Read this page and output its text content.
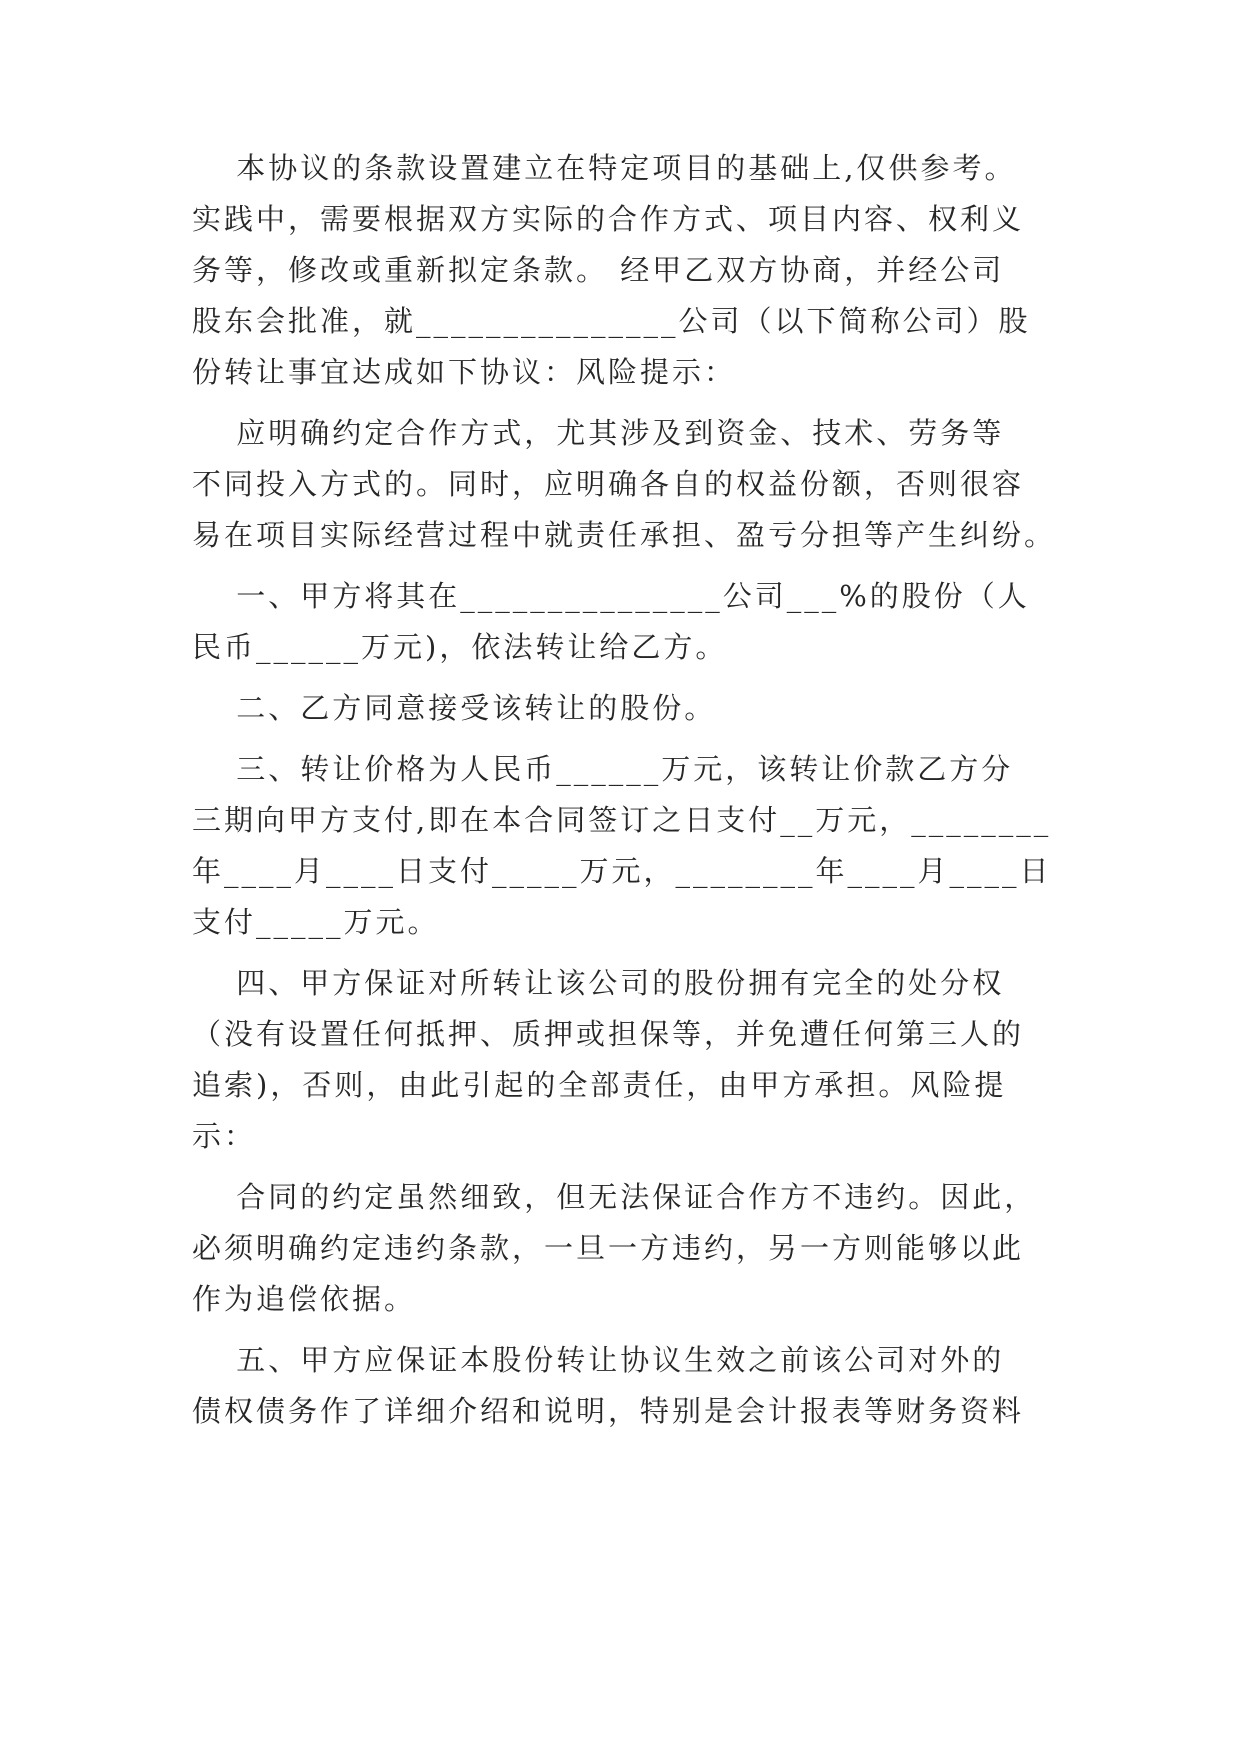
　 本协议的条款设置建立在特定项目的基础上,仅供参考。
实践中，需要根据双方实际的合作方式、项目内容、权利义
务等，修改或重新拟定条款。 经甲乙双方协商，并经公司
股东会批准，就_______________公司（以下简称公司）股
份转让事宜达成如下协议：风险提示：
　 应明确约定合作方式，尤其涉及到资金、技术、劳务等
不同投入方式的。同时，应明确各自的权益份额，否则很容
易在项目实际经营过程中就责任承担、盈亏分担等产生纠纷。
　 一、甲方将其在_______________公司___%的股份（人
民币______万元)，依法转让给乙方。
　 二、乙方同意接受该转让的股份。
　 三、转让价格为人民币______万元，该转让价款乙方分
三期向甲方支付,即在本合同签订之日支付__万元，________
年____月____日支付_____万元，________年____月____日
支付_____万元。
　 四、甲方保证对所转让该公司的股份拥有完全的处分权
（没有设置任何抵押、质押或担保等，并免遭任何第三人的
追索)，否则，由此引起的全部责任，由甲方承担。风险提
示：
　 合同的约定虽然细致，但无法保证合作方不违约。因此，
必须明确约定违约条款，一旦一方违约，另一方则能够以此
作为追偿依据。
　 五、甲方应保证本股份转让协议生效之前该公司对外的
债权债务作了详细介绍和说明，特别是会计报表等财务资料
